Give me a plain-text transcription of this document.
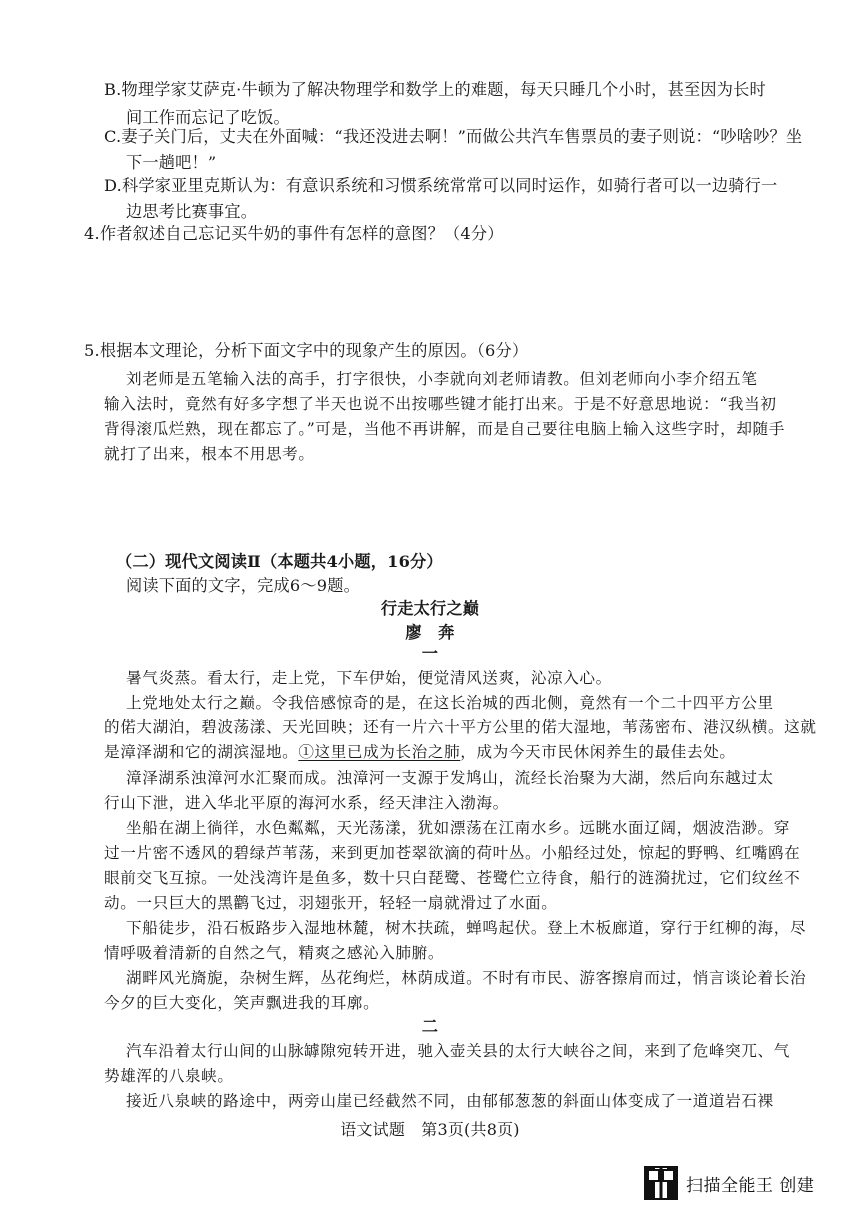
B.物理学家艾萨克·牛顿为了解决物理学和数学上的难题，每天只睡几个小时，甚至因为长时
间工作而忘记了吃饭。
C.妻子关门后，丈夫在外面喊：“我还没进去啊！”而做公共汽车售票员的妻子则说：“吵啥吵？坐
下一趟吧！”
D.科学家亚里克斯认为：有意识系统和习惯系统常常可以同时运作，如骑行者可以一边骑行一
边思考比赛事宜。
4.作者叙述自己忘记买牛奶的事件有怎样的意图？（4分）
5.根据本文理论，分析下面文字中的现象产生的原因。（6分）
刘老师是五笔输入法的高手，打字很快，小李就向刘老师请教。但刘老师向小李介绍五笔
输入法时，竟然有好多字想了半天也说不出按哪些键才能打出来。于是不好意思地说：“我当初
背得滚瓜烂熟，现在都忘了。”可是，当他不再讲解，而是自己要往电脑上输入这些字时，却随手
就打了出来，根本不用思考。
（二）现代文阅读Ⅱ（本题共4小题，16分）
阅读下面的文字，完成6～9题。
行走太行之巅
廖　奔
一
暑气炎蒸。看太行，走上党，下车伊始，便觉清风送爽，沁凉入心。
上党地处太行之巅。令我倍感惊奇的是，在这长治城的西北侧，竟然有一个二十四平方公里
的偌大湖泊，碧波荡漾、天光回映；还有一片六十平方公里的偌大湿地，苇荡密布、港汉纵横。这就
是漳泽湖和它的湖滨湿地。①这里已成为长治之肺，成为今天市民休闲养生的最佳去处。
漳泽湖系浊漳河水汇聚而成。浊漳河一支源于发鸠山，流经长治聚为大湖，然后向东越过太
行山下泄，进入华北平原的海河水系，经天津注入渤海。
坐船在湖上徜徉，水色粼粼，天光荡漾，犹如漂荡在江南水乡。远眺水面辽阔，烟波浩渺。穿
过一片密不透风的碧绿芦苇荡，来到更加苍翠欲滴的荷叶丛。小船经过处，惊起的野鸭、红嘴鸥在
眼前交飞互掠。一处浅湾许是鱼多，数十只白琵鹭、苍鹭伫立待食，船行的涟漪扰过，它们纹丝不
动。一只巨大的黑鹳飞过，羽翅张开，轻轻一扇就滑过了水面。
下船徒步，沿石板路步入湿地林麓，树木扶疏，蝉鸣起伏。登上木板廊道，穿行于红柳的海，尽
情呼吸着清新的自然之气，精爽之感沁入肺腑。
湖畔风光旖旎，杂树生辉，丛花绚烂，林荫成道。不时有市民、游客擦肩而过，悄言谈论着长治
今夕的巨大变化，笑声飘进我的耳廓。
二
汽车沿着太行山间的山脉罅隙宛转开进，驰入壶关县的太行大峡谷之间，来到了危峰突兀、气
势雄浑的八泉峡。
接近八泉峡的路途中，两旁山崖已经截然不同，由郁郁葱葱的斜面山体变成了一道道岩石裸
语文试题　第3页(共8页)
扫描全能王 创建
